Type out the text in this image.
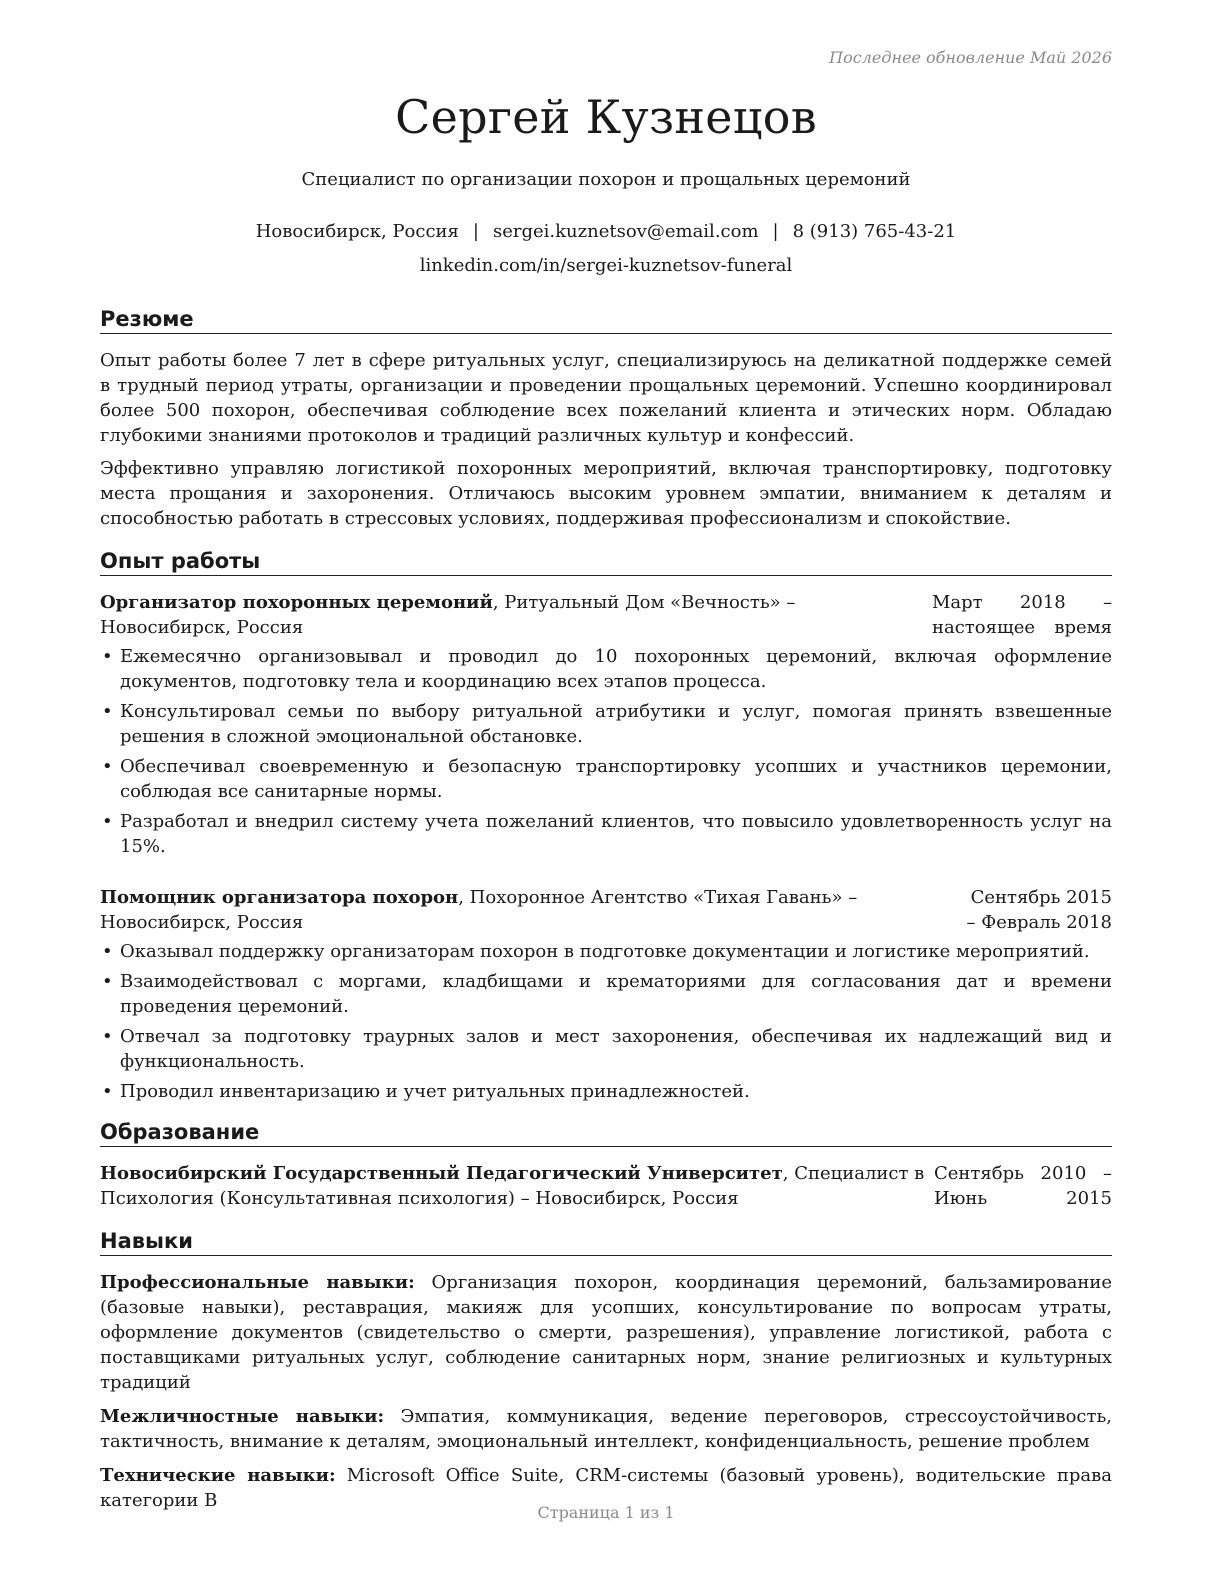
Последнее обновление Май 2026
Сергей Кузнецов
Специалист по организации похорон и прощальных церемоний
Новосибирск, Россия | sergei.kuznetsov@email.com | 8 (913) 765-43-21
linkedin.com/in/sergei-kuznetsov-funeral
Резюме

Опыт работы более 7 лет в сфере ритуальных услуг, специализируюсь на деликатной поддержке семей в трудный период утраты, организации и проведении прощальных церемоний. Успешно координировал более 500 похорон, обеспечивая соблюдение всех пожеланий клиента и этических норм. Обладаю глубокими знаниями протоколов и традиций различных культур и конфессий.

Эффективно управляю логистикой похоронных мероприятий, включая транспортировку, подготовку места прощания и захоронения. Отличаюсь высоким уровнем эмпатии, вниманием к деталям и способностью работать в стрессовых условиях, поддерживая профессионализм и спокойствие.

Опыт работы
Организатор похоронных церемоний, Ритуальный Дом «Вечность» – Новосибирск, Россия
Март 2018 – настоящее время
• Ежемесячно организовывал и проводил до 10 похоронных церемоний, включая оформление документов, подготовку тела и координацию всех этапов процесса.
• Консультировал семьи по выбору ритуальной атрибутики и услуг, помогая принять взвешенные решения в сложной эмоциональной обстановке.
• Обеспечивал своевременную и безопасную транспортировку усопших и участников церемонии, соблюдая все санитарные нормы.
• Разработал и внедрил систему учета пожеланий клиентов, что повысило удовлетворенность услуг на 15%.
Помощник организатора похорон, Похоронное Агентство «Тихая Гавань» – Новосибирск, Россия
Сентябрь 2015 – Февраль 2018
• Оказывал поддержку организаторам похорон в подготовке документации и логистике мероприятий.
• Взаимодействовал с моргами, кладбищами и крематориями для согласования дат и времени проведения церемоний.
• Отвечал за подготовку траурных залов и мест захоронения, обеспечивая их надлежащий вид и функциональность.
• Проводил инвентаризацию и учет ритуальных принадлежностей.
Образование
Новосибирский Государственный Педагогический Университет, Специалист в Психология (Консультативная психология) – Новосибирск, Россия
Сентябрь 2010 – Июнь 2015
Навыки

Профессиональные навыки: Организация похорон, координация церемоний, бальзамирование (базовые навыки), реставрация, макияж для усопших, консультирование по вопросам утраты, оформление документов (свидетельство о смерти, разрешения), управление логистикой, работа с поставщиками ритуальных услуг, соблюдение санитарных норм, знание религиозных и культурных традиций

Межличностные навыки: Эмпатия, коммуникация, ведение переговоров, стрессоустойчивость, тактичность, внимание к деталям, эмоциональный интеллект, конфиденциальность, решение проблем

Технические навыки: Microsoft Office Suite, CRM-системы (базовый уровень), водительские права категории B

Страница 1 из 1
